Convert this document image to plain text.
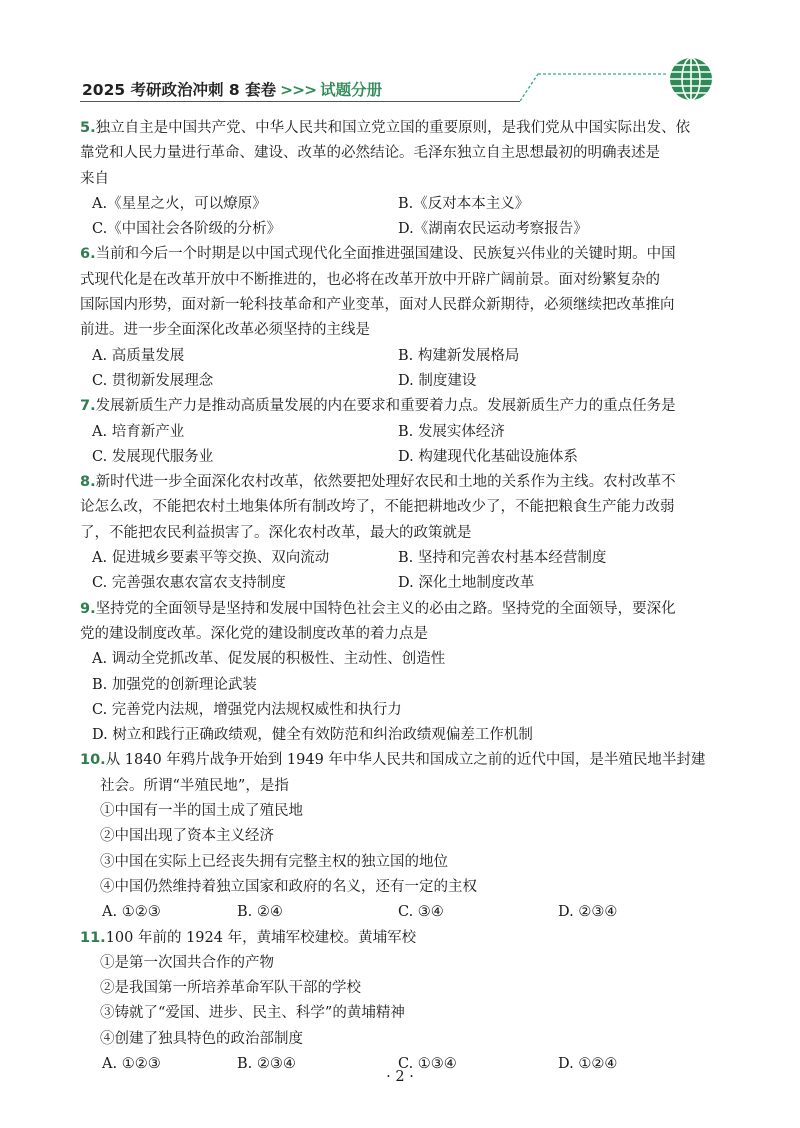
2025 考研政治冲刺 8 套卷 >>> 试题分册
5.独立自主是中国共产党、中华人民共和国立党立国的重要原则，是我们党从中国实际出发、依
靠党和人民力量进行革命、建设、改革的必然结论。毛泽东独立自主思想最初的明确表述是
来自
A.《星星之火，可以燎原》	B.《反对本本主义》
C.《中国社会各阶级的分析》	D.《湖南农民运动考察报告》
6.当前和今后一个时期是以中国式现代化全面推进强国建设、民族复兴伟业的关键时期。中国
式现代化是在改革开放中不断推进的，也必将在改革开放中开辟广阔前景。面对纷繁复杂的
国际国内形势，面对新一轮科技革命和产业变革，面对人民群众新期待，必须继续把改革推向
前进。进一步全面深化改革必须坚持的主线是
A. 高质量发展	B. 构建新发展格局
C. 贯彻新发展理念	D. 制度建设
7.发展新质生产力是推动高质量发展的内在要求和重要着力点。发展新质生产力的重点任务是
A. 培育新产业	B. 发展实体经济
C. 发展现代服务业	D. 构建现代化基础设施体系
8.新时代进一步全面深化农村改革，依然要把处理好农民和土地的关系作为主线。农村改革不
论怎么改，不能把农村土地集体所有制改垮了，不能把耕地改少了，不能把粮食生产能力改弱
了，不能把农民利益损害了。深化农村改革，最大的政策就是
A. 促进城乡要素平等交换、双向流动	B. 坚持和完善农村基本经营制度
C. 完善强农惠农富农支持制度	D. 深化土地制度改革
9.坚持党的全面领导是坚持和发展中国特色社会主义的必由之路。坚持党的全面领导，要深化
党的建设制度改革。深化党的建设制度改革的着力点是
A. 调动全党抓改革、促发展的积极性、主动性、创造性
B. 加强党的创新理论武装
C. 完善党内法规，增强党内法规权威性和执行力
D. 树立和践行正确政绩观，健全有效防范和纠治政绩观偏差工作机制
10.从 1840 年鸦片战争开始到 1949 年中华人民共和国成立之前的近代中国，是半殖民地半封建
社会。所谓“半殖民地”，是指
①中国有一半的国土成了殖民地
②中国出现了资本主义经济
③中国在实际上已经丧失拥有完整主权的独立国的地位
④中国仍然维持着独立国家和政府的名义，还有一定的主权
A. ①②③	B. ②④	C. ③④	D. ②③④
11.100 年前的 1924 年，黄埔军校建校。黄埔军校
①是第一次国共合作的产物
②是我国第一所培养革命军队干部的学校
③铸就了“爱国、进步、民主、科学”的黄埔精神
④创建了独具特色的政治部制度
A. ①②③	B. ②③④	C. ①③④	D. ①②④
· 2 ·
